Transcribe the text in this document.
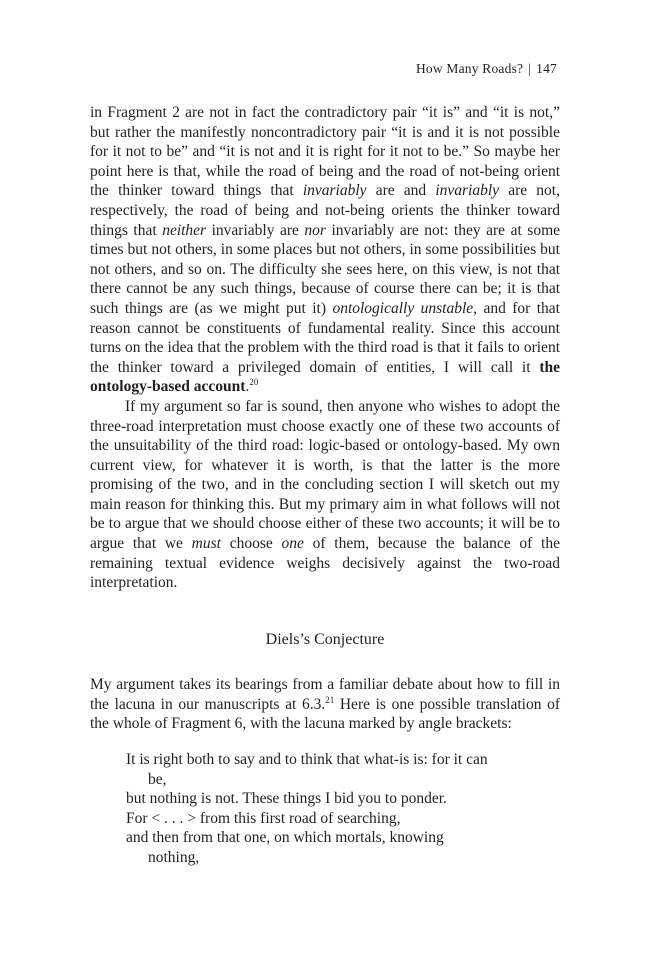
How Many Roads? | 147

in Fragment 2 are not in fact the contradictory pair “it is” and “it is not,” but rather the manifestly noncontradictory pair “it is and it is not possible for it not to be” and “it is not and it is right for it not to be.” So maybe her point here is that, while the road of being and the road of not-being orient the thinker toward things that invariably are and invariably are not, respectively, the road of being and not-being orients the thinker toward things that neither invariably are nor invariably are not: they are at some times but not others, in some places but not others, in some possibilities but not others, and so on. The difficulty she sees here, on this view, is not that there cannot be any such things, because of course there can be; it is that such things are (as we might put it) ontologically unstable, and for that reason cannot be constituents of fundamental reality. Since this account turns on the idea that the problem with the third road is that it fails to orient the thinker toward a privileged domain of entities, I will call it the ontology-based account.$^{20}$

If my argument so far is sound, then anyone who wishes to adopt the three-road interpretation must choose exactly one of these two accounts of the unsuitability of the third road: logic-based or ontology-based. My own current view, for whatever it is worth, is that the latter is the more promising of the two, and in the concluding section I will sketch out my main reason for thinking this. But my primary aim in what follows will not be to argue that we should choose either of these two accounts; it will be to argue that we must choose one of them, because the balance of the remaining textual evidence weighs decisively against the two-road interpretation.

Diels’s Conjecture

My argument takes its bearings from a familiar debate about how to fill in the lacuna in our manuscripts at 6.3.21 Here is one possible translation of the whole of Fragment 6, with the lacuna marked by angle brackets:

It is right both to say and to think that what-is is: for it can
be,
but nothing is not. These things I bid you to ponder.
For < . . . > from this first road of searching,
and then from that one, on which mortals, knowing
nothing,
